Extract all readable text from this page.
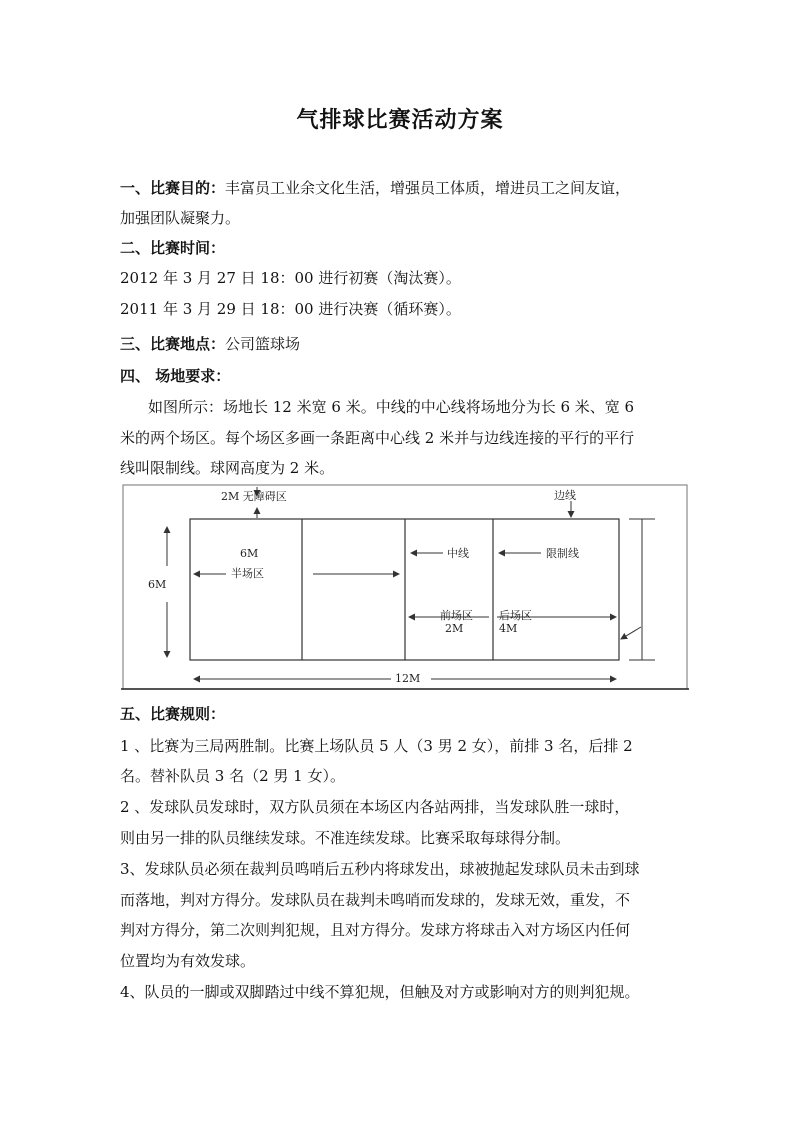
气排球比赛活动方案
一、比赛目的：丰富员工业余文化生活，增强员工体质，增进员工之间友谊，
加强团队凝聚力。
二、比赛时间：
2012 年 3 月 27 日 18：00 进行初赛（淘汰赛）。
2011 年 3 月 29 日 18：00 进行决赛（循环赛）。
三、比赛地点：公司篮球场
四、 场地要求：
如图所示：场地长 12 米宽 6 米。中线的中心线将场地分为长 6 米、宽 6
米的两个场区。每个场区多画一条距离中心线 2 米并与边线连接的平行的平行
线叫限制线。球网高度为 2 米。
2M 无障碍区	边线
6M
半场区
6M
中线	限制线
前场区
2M
后场区
4M
12M
五、比赛规则：
1 、比赛为三局两胜制。比赛上场队员 5 人（3 男 2 女），前排 3 名，后排 2
名。替补队员 3 名（2 男 1 女）。
2 、发球队员发球时，双方队员须在本场区内各站两排，当发球队胜一球时，
则由另一排的队员继续发球。不准连续发球。比赛采取每球得分制。
3、发球队员必须在裁判员鸣哨后五秒内将球发出，球被抛起发球队员未击到球
而落地，判对方得分。发球队员在裁判未鸣哨而发球的，发球无效，重发，不
判对方得分，第二次则判犯规，且对方得分。发球方将球击入对方场区内任何
位置均为有效发球。
4、队员的一脚或双脚踏过中线不算犯规，但触及对方或影响对方的则判犯规。
